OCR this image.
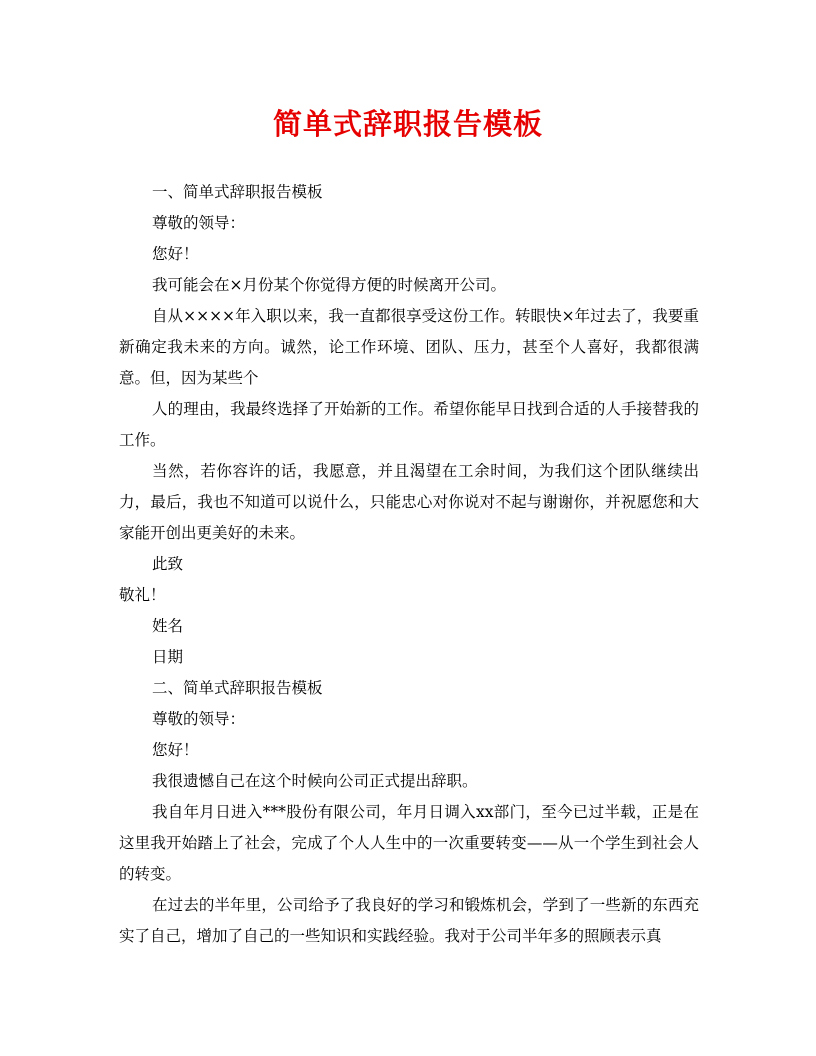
简单式辞职报告模板

一、简单式辞职报告模板

尊敬的领导：

您好！

我可能会在×月份某个你觉得方便的时候离开公司。

自从××××年入职以来，我一直都很享受这份工作。转眼快×年过去了，我要重新确定我未来的方向。诚然，论工作环境、团队、压力，甚至个人喜好，我都很满意。但，因为某些个

人的理由，我最终选择了开始新的工作。希望你能早日找到合适的人手接替我的工作。

当然，若你容许的话，我愿意，并且渴望在工余时间，为我们这个团队继续出力，最后，我也不知道可以说什么，只能忠心对你说对不起与谢谢你，并祝愿您和大家能开创出更美好的未来。

此致

敬礼！

姓名

日期

二、简单式辞职报告模板

尊敬的领导：

您好！

我很遗憾自己在这个时候向公司正式提出辞职。

我自年月日进入***股份有限公司，年月日调入xx部门，至今已过半载，正是在这里我开始踏上了社会，完成了个人人生中的一次重要转变——从一个学生到社会人的转变。

在过去的半年里，公司给予了我良好的学习和锻炼机会，学到了一些新的东西充实了自己，增加了自己的一些知识和实践经验。我对于公司半年多的照顾表示真
